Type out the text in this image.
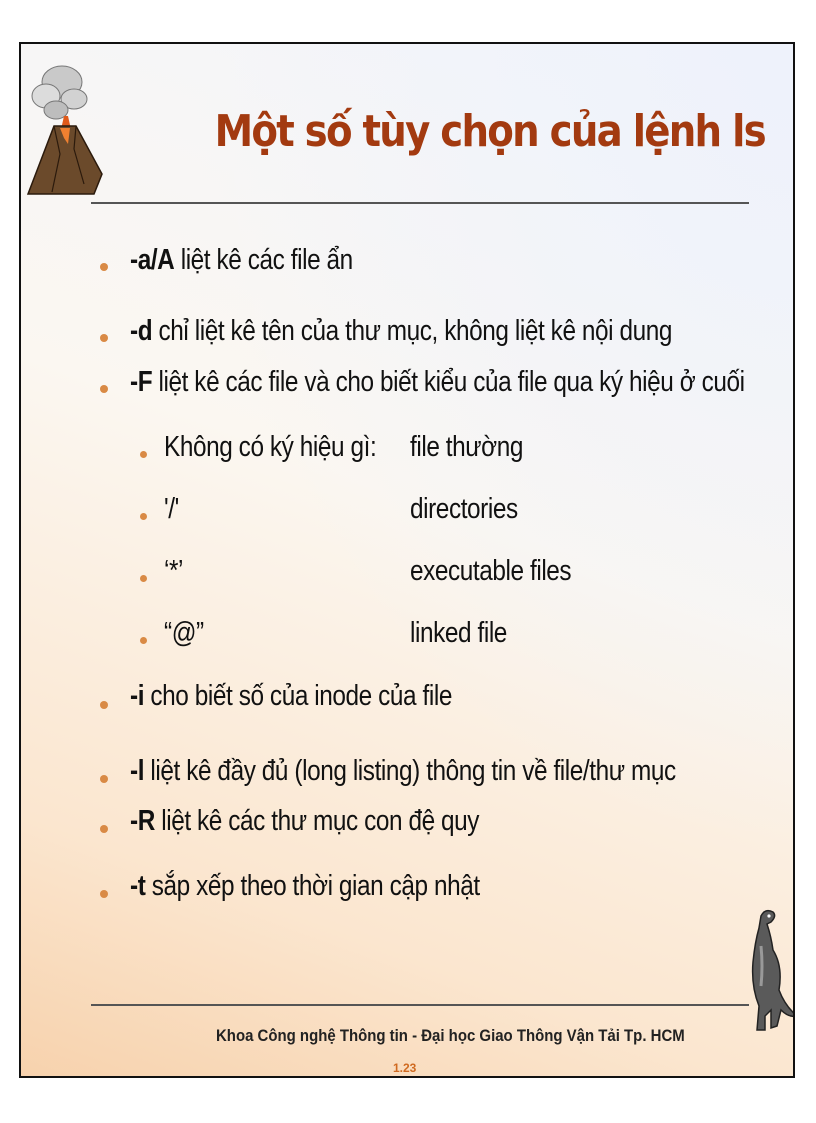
Một số tùy chọn của lệnh ls
-a/A liệt kê các file ẩn
-d chỉ liệt kê tên của thư mục, không liệt kê nội dung
-F liệt kê các file và cho biết kiểu của file qua ký hiệu ở cuối
Không có ký hiệu gì: file thường
'/'	directories
‘*’	executable files
“@”	linked file
-i cho biết số của inode của file
-l liệt kê đầy đủ (long listing) thông tin về file/thư mục
-R liệt kê các thư mục con đệ quy
-t sắp xếp theo thời gian cập nhật
Khoa Công nghệ Thông tin - Đại học Giao Thông Vận Tải Tp. HCM
1.23
